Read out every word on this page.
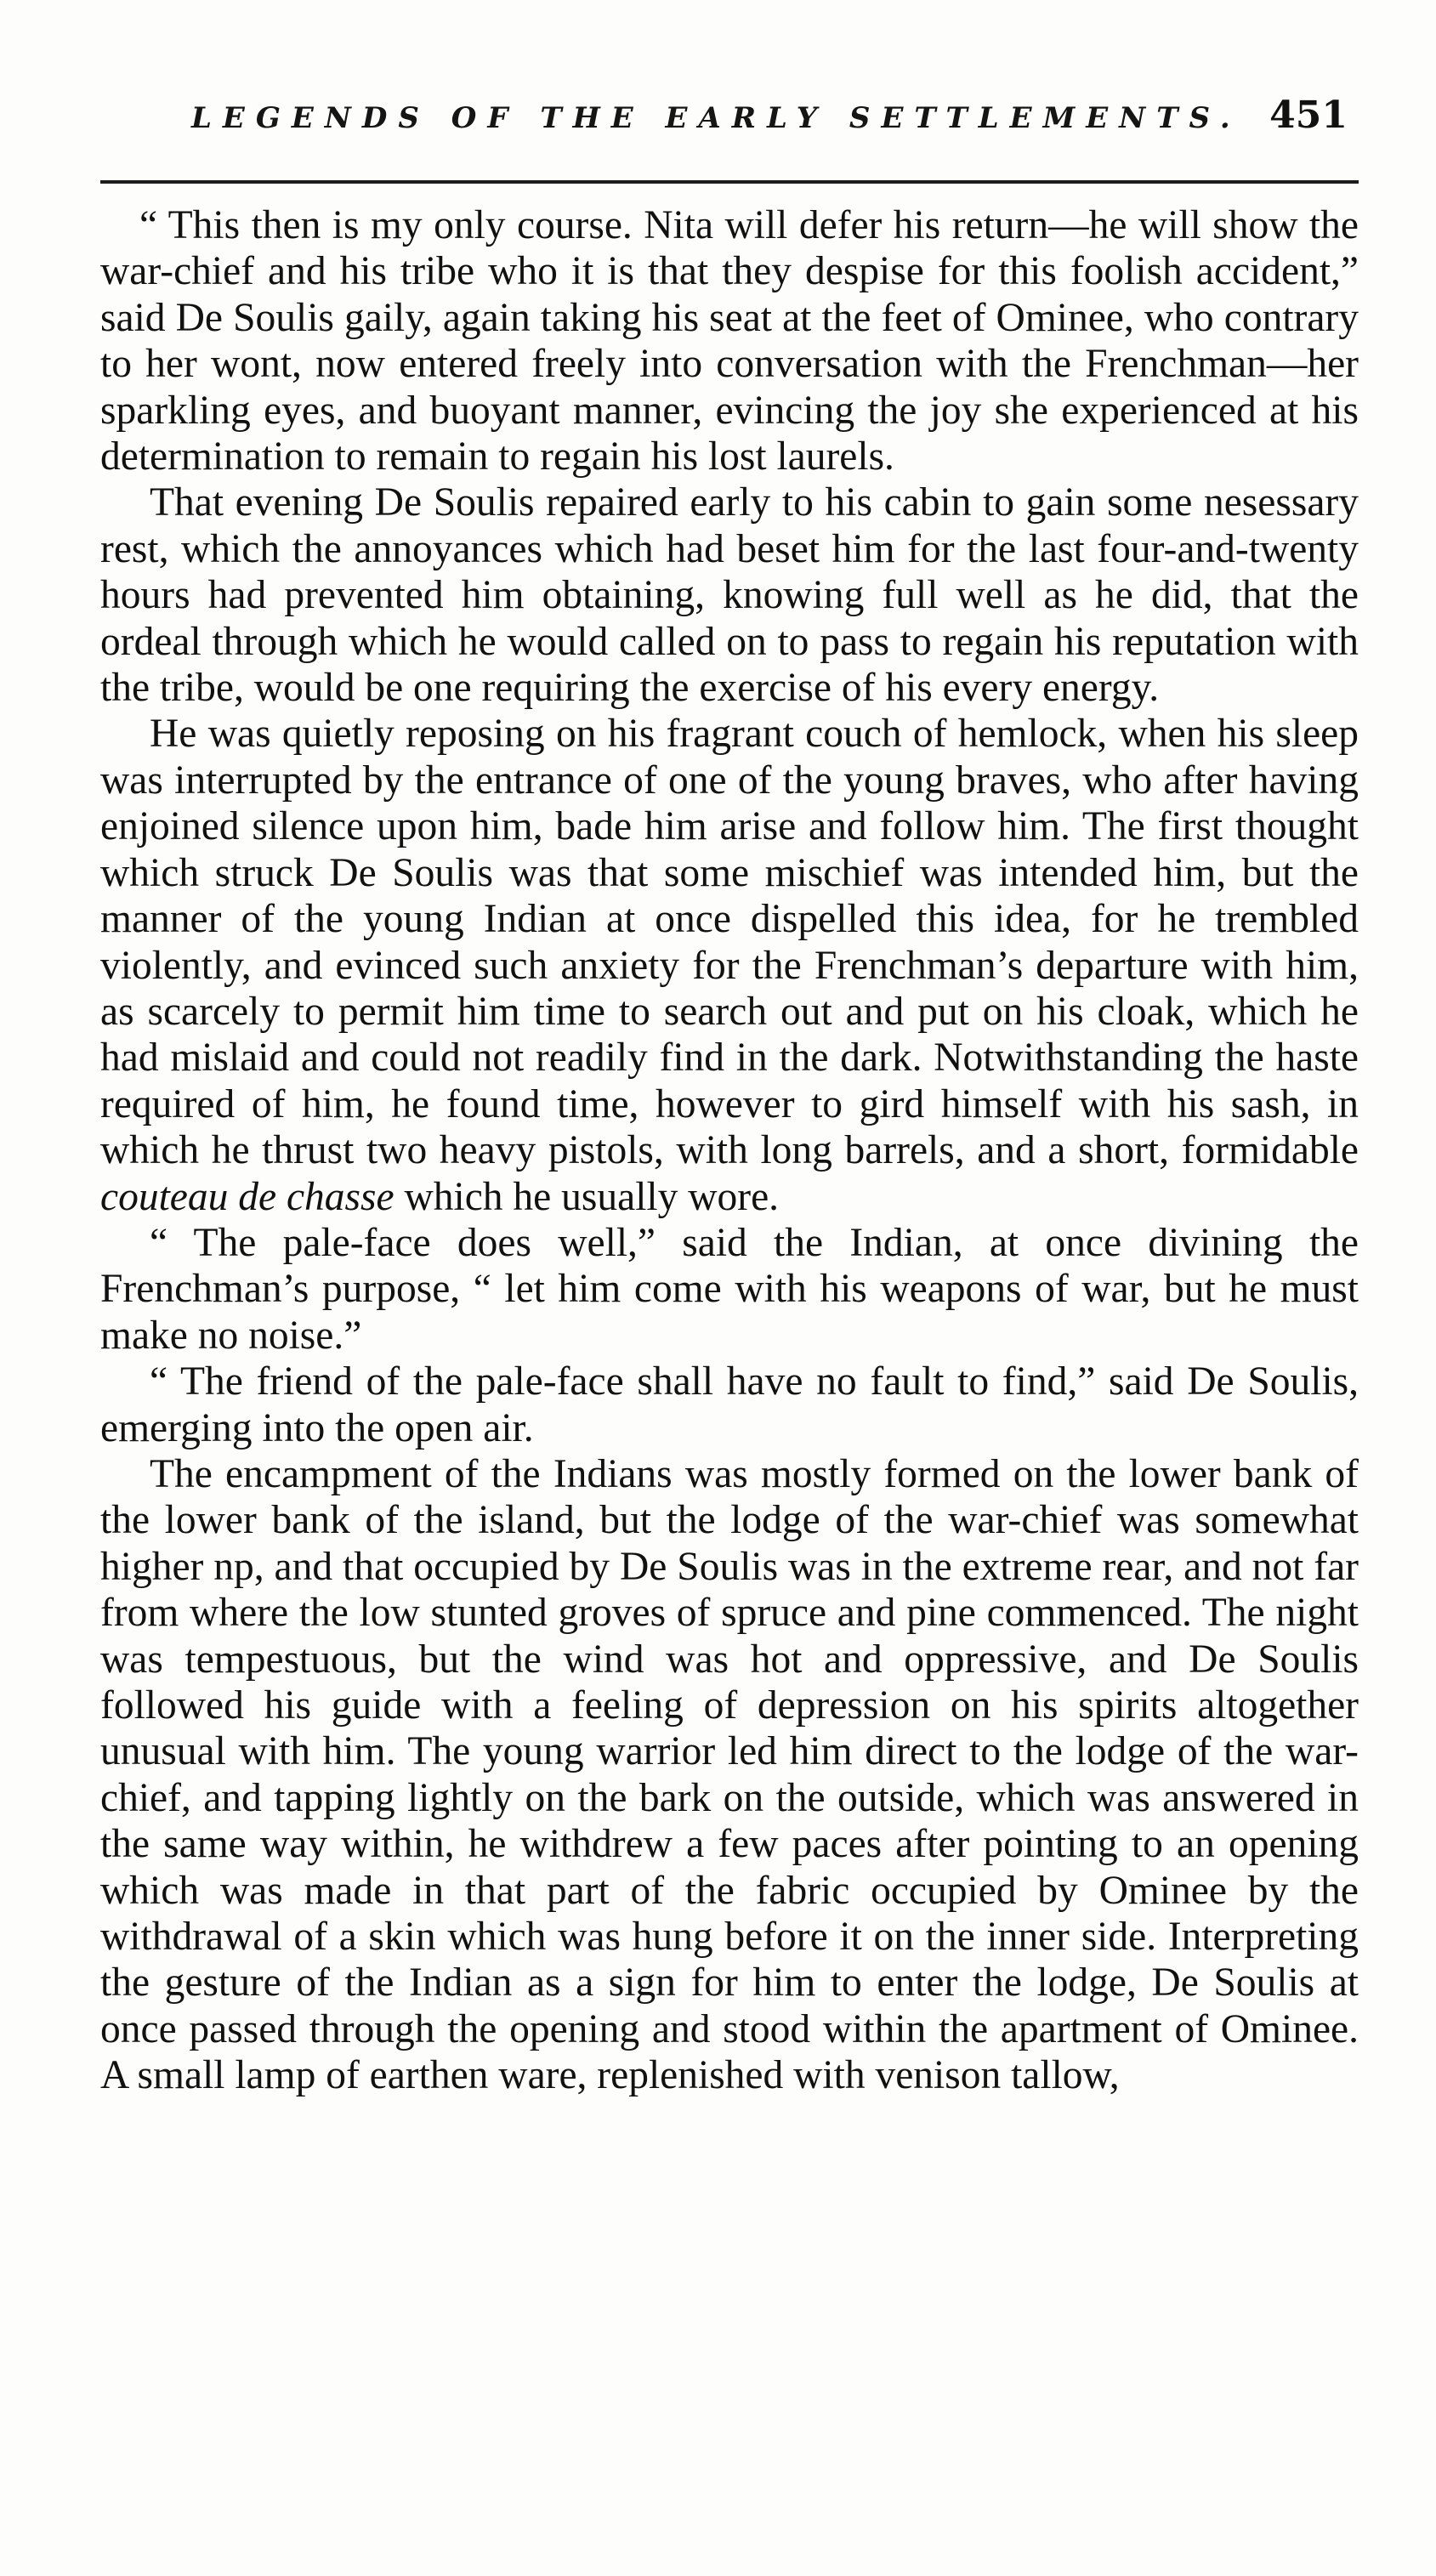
LEGENDS OF THE EARLY SETTLEMENTS. 451

“ This then is my only course. Nita will defer his return—he will show the war-chief and his tribe who it is that they despise for this foolish accident,” said De Soulis gaily, again taking his seat at the feet of Ominee, who contrary to her wont, now entered freely into conversation with the Frenchman—her sparkling eyes, and buoyant manner, evincing the joy she experienced at his determination to remain to regain his lost laurels.

That evening De Soulis repaired early to his cabin to gain some nesessary rest, which the annoyances which had beset him for the last four-and-twenty hours had prevented him obtaining, knowing full well as he did, that the ordeal through which he would called on to pass to regain his reputation with the tribe, would be one requiring the exercise of his every energy.

He was quietly reposing on his fragrant couch of hemlock, when his sleep was interrupted by the entrance of one of the young braves, who after having enjoined silence upon him, bade him arise and follow him. The first thought which struck De Soulis was that some mischief was intended him, but the manner of the young Indian at once dispelled this idea, for he trembled violently, and evinced such anxiety for the Frenchman’s departure with him, as scarcely to permit him time to search out and put on his cloak, which he had mislaid and could not readily find in the dark. Notwithstanding the haste required of him, he found time, however to gird himself with his sash, in which he thrust two heavy pistols, with long barrels, and a short, formidable couteau de chasse which he usually wore.

“ The pale-face does well,” said the Indian, at once divining the Frenchman’s purpose, “ let him come with his weapons of war, but he must make no noise.”

“ The friend of the pale-face shall have no fault to find,” said De Soulis, emerging into the open air.

The encampment of the Indians was mostly formed on the lower bank of the lower bank of the island, but the lodge of the war-chief was somewhat higher np, and that occupied by De Soulis was in the extreme rear, and not far from where the low stunted groves of spruce and pine commenced. The night was tempestuous, but the wind was hot and oppressive, and De Soulis followed his guide with a feeling of depression on his spirits altogether unusual with him. The young warrior led him direct to the lodge of the war-chief, and tapping lightly on the bark on the outside, which was answered in the same way within, he withdrew a few paces after pointing to an opening which was made in that part of the fabric occupied by Ominee by the withdrawal of a skin which was hung before it on the inner side. Interpreting the gesture of the Indian as a sign for him to enter the lodge, De Soulis at once passed through the opening and stood within the apartment of Ominee. A small lamp of earthen ware, replenished with venison tallow,
